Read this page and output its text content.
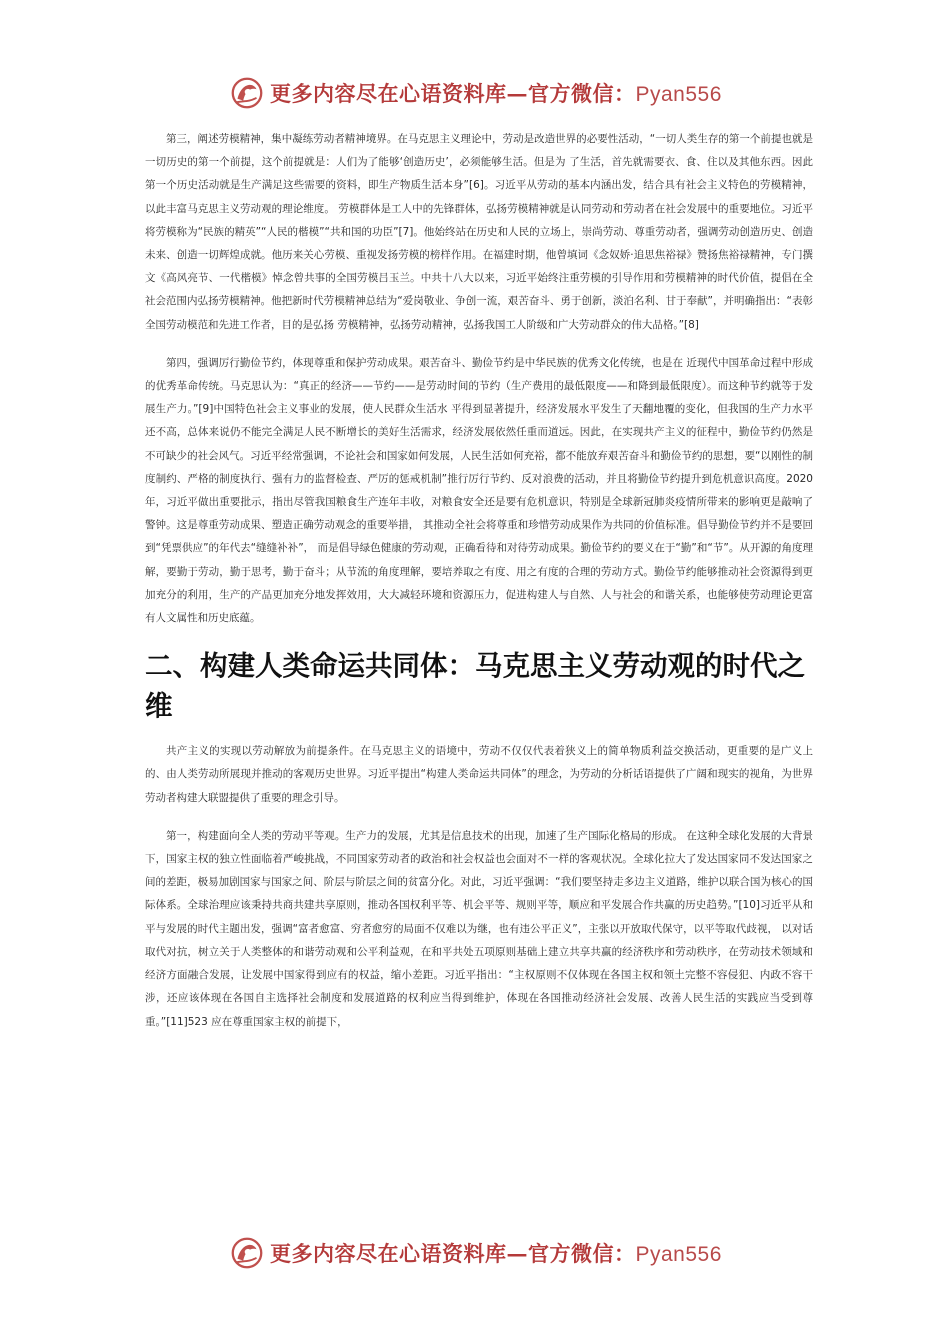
更多内容尽在心语资料库—官方微信：Pyan556

第三，阐述劳模精神，集中凝练劳动者精神境界。在马克思主义理论中，劳动是改造世界的必要性活动，“一切人类生存的第一个前提也就是一切历史的第一个前提，这个前提就是：人们为了能够‘创造历史’，必须能够生活。但是为 了生活，首先就需要衣、食、住以及其他东西。因此第一个历史活动就是生产满足这些需要的资料，即生产物质生活本身”[6]。习近平从劳动的基本内涵出发，结合具有社会主义特色的劳模精神，以此丰富马克思主义劳动观的理论维度。 劳模群体是工人中的先锋群体，弘扬劳模精神就是认同劳动和劳动者在社会发展中的重要地位。习近平将劳模称为“民族的精英”“人民的楷模”“共和国的功臣”[7]。他始终站在历史和人民的立场上，崇尚劳动、尊重劳动者，强调劳动创造历史、创造未来、创造一切辉煌成就。他历来关心劳模、重视发扬劳模的榜样作用。在福建时期，他曾填词《念奴娇·追思焦裕禄》赞扬焦裕禄精神，专门撰文《高风亮节、一代楷模》悼念曾共事的全国劳模吕玉兰。中共十八大以来，习近平始终注重劳模的引导作用和劳模精神的时代价值，提倡在全社会范围内弘扬劳模精神。他把新时代劳模精神总结为“爱岗敬业、争创一流，艰苦奋斗、勇于创新，淡泊名利、甘于奉献”，并明确指出：“表彰全国劳动模范和先进工作者，目的是弘扬 劳模精神，弘扬劳动精神，弘扬我国工人阶级和广大劳动群众的伟大品格。”[8]

第四，强调厉行勤俭节约，体现尊重和保护劳动成果。艰苦奋斗、勤俭节约是中华民族的优秀文化传统，也是在 近现代中国革命过程中形成的优秀革命传统。马克思认为：“真正的经济——节约——是劳动时间的节约（生产费用的最低限度——和降到最低限度）。而这种节约就等于发展生产力。”[9]中国特色社会主义事业的发展，使人民群众生活水 平得到显著提升，经济发展水平发生了天翻地覆的变化，但我国的生产力水平还不高，总体来说仍不能完全满足人民不断增长的美好生活需求，经济发展依然任重而道远。因此，在实现共产主义的征程中，勤俭节约仍然是不可缺少的社会风气。习近平经常强调，不论社会和国家如何发展，人民生活如何充裕，都不能放弃艰苦奋斗和勤俭节约的思想，要“以刚性的制度制约、严格的制度执行、强有力的监督检查、严厉的惩戒机制”推行厉行节约、反对浪费的活动，并且将勤俭节约提升到危机意识高度。2020 年，习近平做出重要批示，指出尽管我国粮食生产连年丰收，对粮食安全还是要有危机意识，特别是全球新冠肺炎疫情所带来的影响更是敲响了警钟。这是尊重劳动成果、塑造正确劳动观念的重要举措， 其推动全社会将尊重和珍惜劳动成果作为共同的价值标准。倡导勤俭节约并不是要回到“凭票供应”的年代去“缝缝补补”， 而是倡导绿色健康的劳动观，正确看待和对待劳动成果。勤俭节约的要义在于“勤”和“节”。从开源的角度理解，要勤于劳动，勤于思考，勤于奋斗；从节流的角度理解，要培养取之有度、用之有度的合理的劳动方式。勤俭节约能够推动社会资源得到更加充分的利用，生产的产品更加充分地发挥效用，大大减轻环境和资源压力，促进构建人与自然、人与社会的和谐关系，也能够使劳动理论更富有人文属性和历史底蕴。

二、构建人类命运共同体：马克思主义劳动观的时代之维

共产主义的实现以劳动解放为前提条件。在马克思主义的语境中，劳动不仅仅代表着狭义上的简单物质利益交换活动，更重要的是广义上的、由人类劳动所展现并推动的客观历史世界。习近平提出“构建人类命运共同体”的理念，为劳动的分析话语提供了广阔和现实的视角，为世界劳动者构建大联盟提供了重要的理念引导。

第一，构建面向全人类的劳动平等观。生产力的发展，尤其是信息技术的出现，加速了生产国际化格局的形成。 在这种全球化发展的大背景下，国家主权的独立性面临着严峻挑战，不同国家劳动者的政治和社会权益也会面对不一样的客观状况。全球化拉大了发达国家同不发达国家之间的差距，极易加剧国家与国家之间、阶层与阶层之间的贫富分化。对此，习近平强调：“我们要坚持走多边主义道路，维护以联合国为核心的国际体系。全球治理应该秉持共商共建共享原则，推动各国权利平等、机会平等、规则平等，顺应和平发展合作共赢的历史趋势。”[10]习近平从和平与发展的时代主题出发，强调“富者愈富、穷者愈穷的局面不仅难以为继，也有违公平正义”，主张以开放取代保守，以平等取代歧视， 以对话取代对抗，树立关于人类整体的和谐劳动观和公平利益观，在和平共处五项原则基础上建立共享共赢的经济秩序和劳动秩序，在劳动技术领域和经济方面融合发展，让发展中国家得到应有的权益，缩小差距。习近平指出：“主权原则不仅体现在各国主权和领土完整不容侵犯、内政不容干涉，还应该体现在各国自主选择社会制度和发展道路的权利应当得到维护，体现在各国推动经济社会发展、改善人民生活的实践应当受到尊重。”[11]523 应在尊重国家主权的前提下，

更多内容尽在心语资料库—官方微信：Pyan556
